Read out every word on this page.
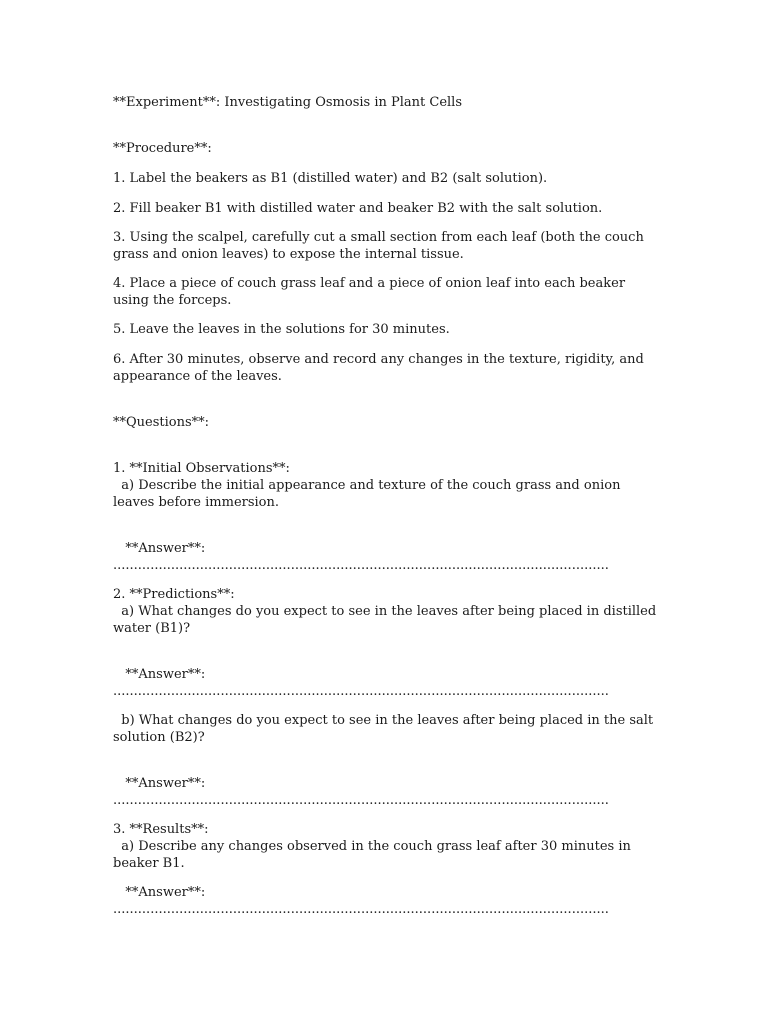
**Experiment**: Investigating Osmosis in Plant Cells

**Procedure**:

1. Label the beakers as B1 (distilled water) and B2 (salt solution).

2. Fill beaker B1 with distilled water and beaker B2 with the salt solution.

3. Using the scalpel, carefully cut a small section from each leaf (both the couch grass and onion leaves) to expose the internal tissue.

4. Place a piece of couch grass leaf and a piece of onion leaf into each beaker using the forceps.

5. Leave the leaves in the solutions for 30 minutes.

6. After 30 minutes, observe and record any changes in the texture, rigidity, and appearance of the leaves.

**Questions**:

1. **Initial Observations**:

a) Describe the initial appearance and texture of the couch grass and onion leaves before immersion.

**Answer**: ........................................................................................................................

2. **Predictions**:

a) What changes do you expect to see in the leaves after being placed in distilled water (B1)?

**Answer**: ........................................................................................................................

b) What changes do you expect to see in the leaves after being placed in the salt solution (B2)?

**Answer**: ........................................................................................................................

3. **Results**:

a) Describe any changes observed in the couch grass leaf after 30 minutes in beaker B1.

**Answer**: ........................................................................................................................
